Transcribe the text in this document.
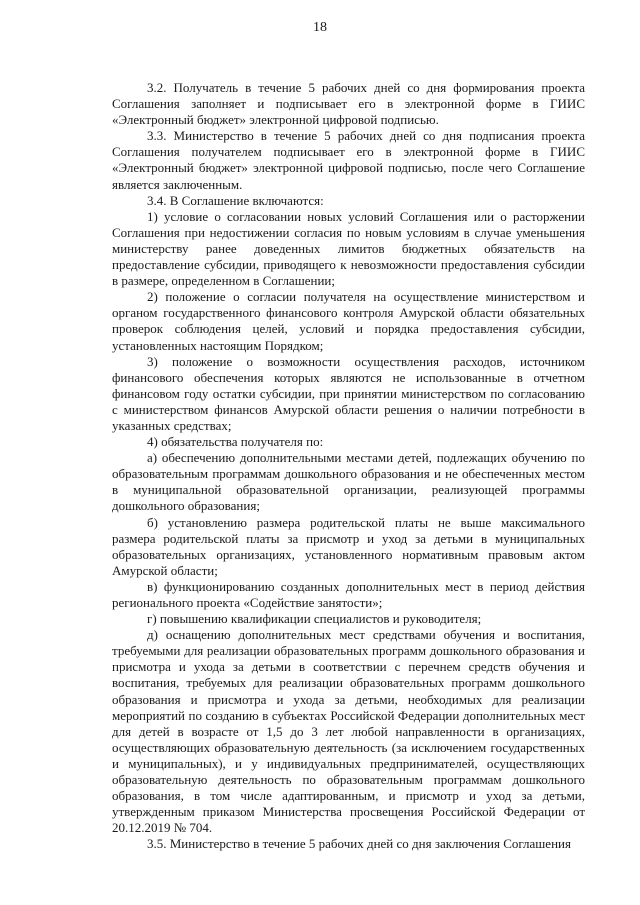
18

3.2. Получатель в течение 5 рабочих дней со дня формирования проекта Соглашения заполняет и подписывает его в электронной форме в ГИИС «Электронный бюджет» электронной цифровой подписью.

3.3. Министерство в течение 5 рабочих дней со дня подписания проекта Соглашения получателем подписывает его в электронной форме в ГИИС «Электронный бюджет» электронной цифровой подписью, после чего Соглашение является заключенным.

3.4. В Соглашение включаются:

1) условие о согласовании новых условий Соглашения или о расторжении Соглашения при недостижении согласия по новым условиям в случае уменьшения министерству ранее доведенных лимитов бюджетных обязательств на предоставление субсидии, приводящего к невозможности предоставления субсидии в размере, определенном в Соглашении;

2) положение о согласии получателя на осуществление министерством и органом государственного финансового контроля Амурской области обязательных проверок соблюдения целей, условий и порядка предоставления субсидии, установленных настоящим Порядком;

3) положение о возможности осуществления расходов, источником финансового обеспечения которых являются не использованные в отчетном финансовом году остатки субсидии, при принятии министерством по согласованию с министерством финансов Амурской области решения о наличии потребности в указанных средствах;

4) обязательства получателя по:

а) обеспечению дополнительными местами детей, подлежащих обучению по образовательным программам дошкольного образования и не обеспеченных местом в муниципальной образовательной организации, реализующей программы дошкольного образования;

б) установлению размера родительской платы не выше максимального размера родительской платы за присмотр и уход за детьми в муниципальных образовательных организациях, установленного нормативным правовым актом Амурской области;

в) функционированию созданных дополнительных мест в период действия регионального проекта «Содействие занятости»;

г) повышению квалификации специалистов и руководителя;

д) оснащению дополнительных мест средствами обучения и воспитания, требуемыми для реализации образовательных программ дошкольного образования и присмотра и ухода за детьми в соответствии с перечнем средств обучения и воспитания, требуемых для реализации образовательных программ дошкольного образования и присмотра и ухода за детьми, необходимых для реализации мероприятий по созданию в субъектах Российской Федерации дополнительных мест для детей в возрасте от 1,5 до 3 лет любой направленности в организациях, осуществляющих образовательную деятельность (за исключением государственных и муниципальных), и у индивидуальных предпринимателей, осуществляющих образовательную деятельность по образовательным программам дошкольного образования, в том числе адаптированным, и присмотр и уход за детьми, утвержденным приказом Министерства просвещения Российской Федерации от 20.12.2019 № 704.

3.5. Министерство в течение 5 рабочих дней со дня заключения Соглашения
